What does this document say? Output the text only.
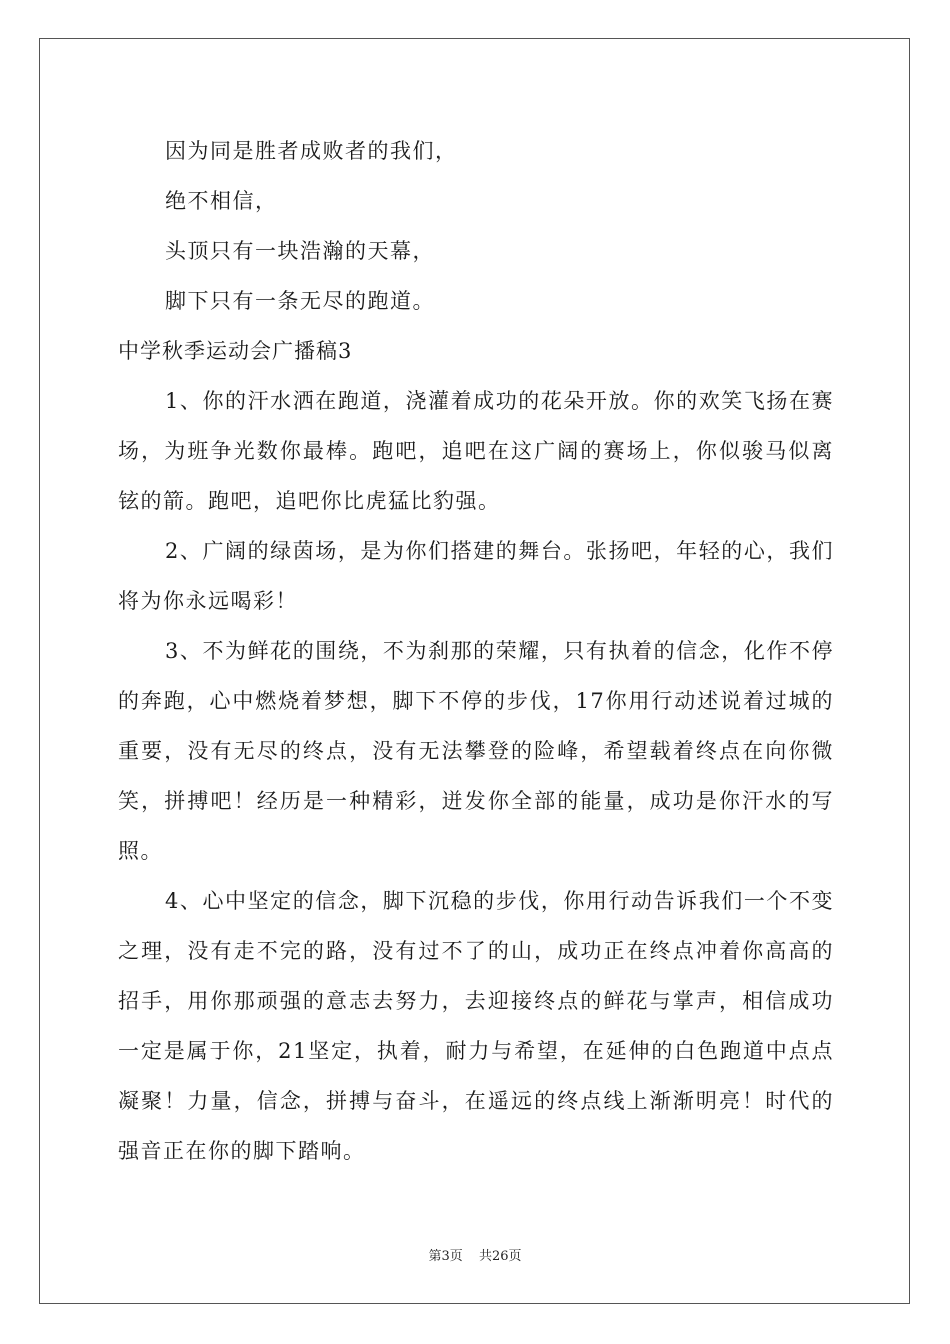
因为同是胜者成败者的我们，
绝不相信，
头顶只有一块浩瀚的天幕，
脚下只有一条无尽的跑道。
中学秋季运动会广播稿3

1、你的汗水洒在跑道，浇灌着成功的花朵开放。你的欢笑飞扬在赛场，为班争光数你最棒。跑吧，追吧在这广阔的赛场上，你似骏马似离铉的箭。跑吧，追吧你比虎猛比豹强。

2、广阔的绿茵场，是为你们搭建的舞台。张扬吧，年轻的心，我们将为你永远喝彩！

3、不为鲜花的围绕，不为刹那的荣耀，只有执着的信念，化作不停的奔跑，心中燃烧着梦想，脚下不停的步伐，17你用行动述说着过城的重要，没有无尽的终点，没有无法攀登的险峰，希望载着终点在向你微笑，拼搏吧！经历是一种精彩，迸发你全部的能量，成功是你汗水的写照。

4、心中坚定的信念，脚下沉稳的步伐，你用行动告诉我们一个不变之理，没有走不完的路，没有过不了的山，成功正在终点冲着你高高的招手，用你那顽强的意志去努力，去迎接终点的鲜花与掌声，相信成功一定是属于你，21坚定，执着，耐力与希望，在延伸的白色跑道中点点凝聚！力量，信念，拼搏与奋斗，在遥远的终点线上渐渐明亮！时代的强音正在你的脚下踏响。

第3页 共26页
